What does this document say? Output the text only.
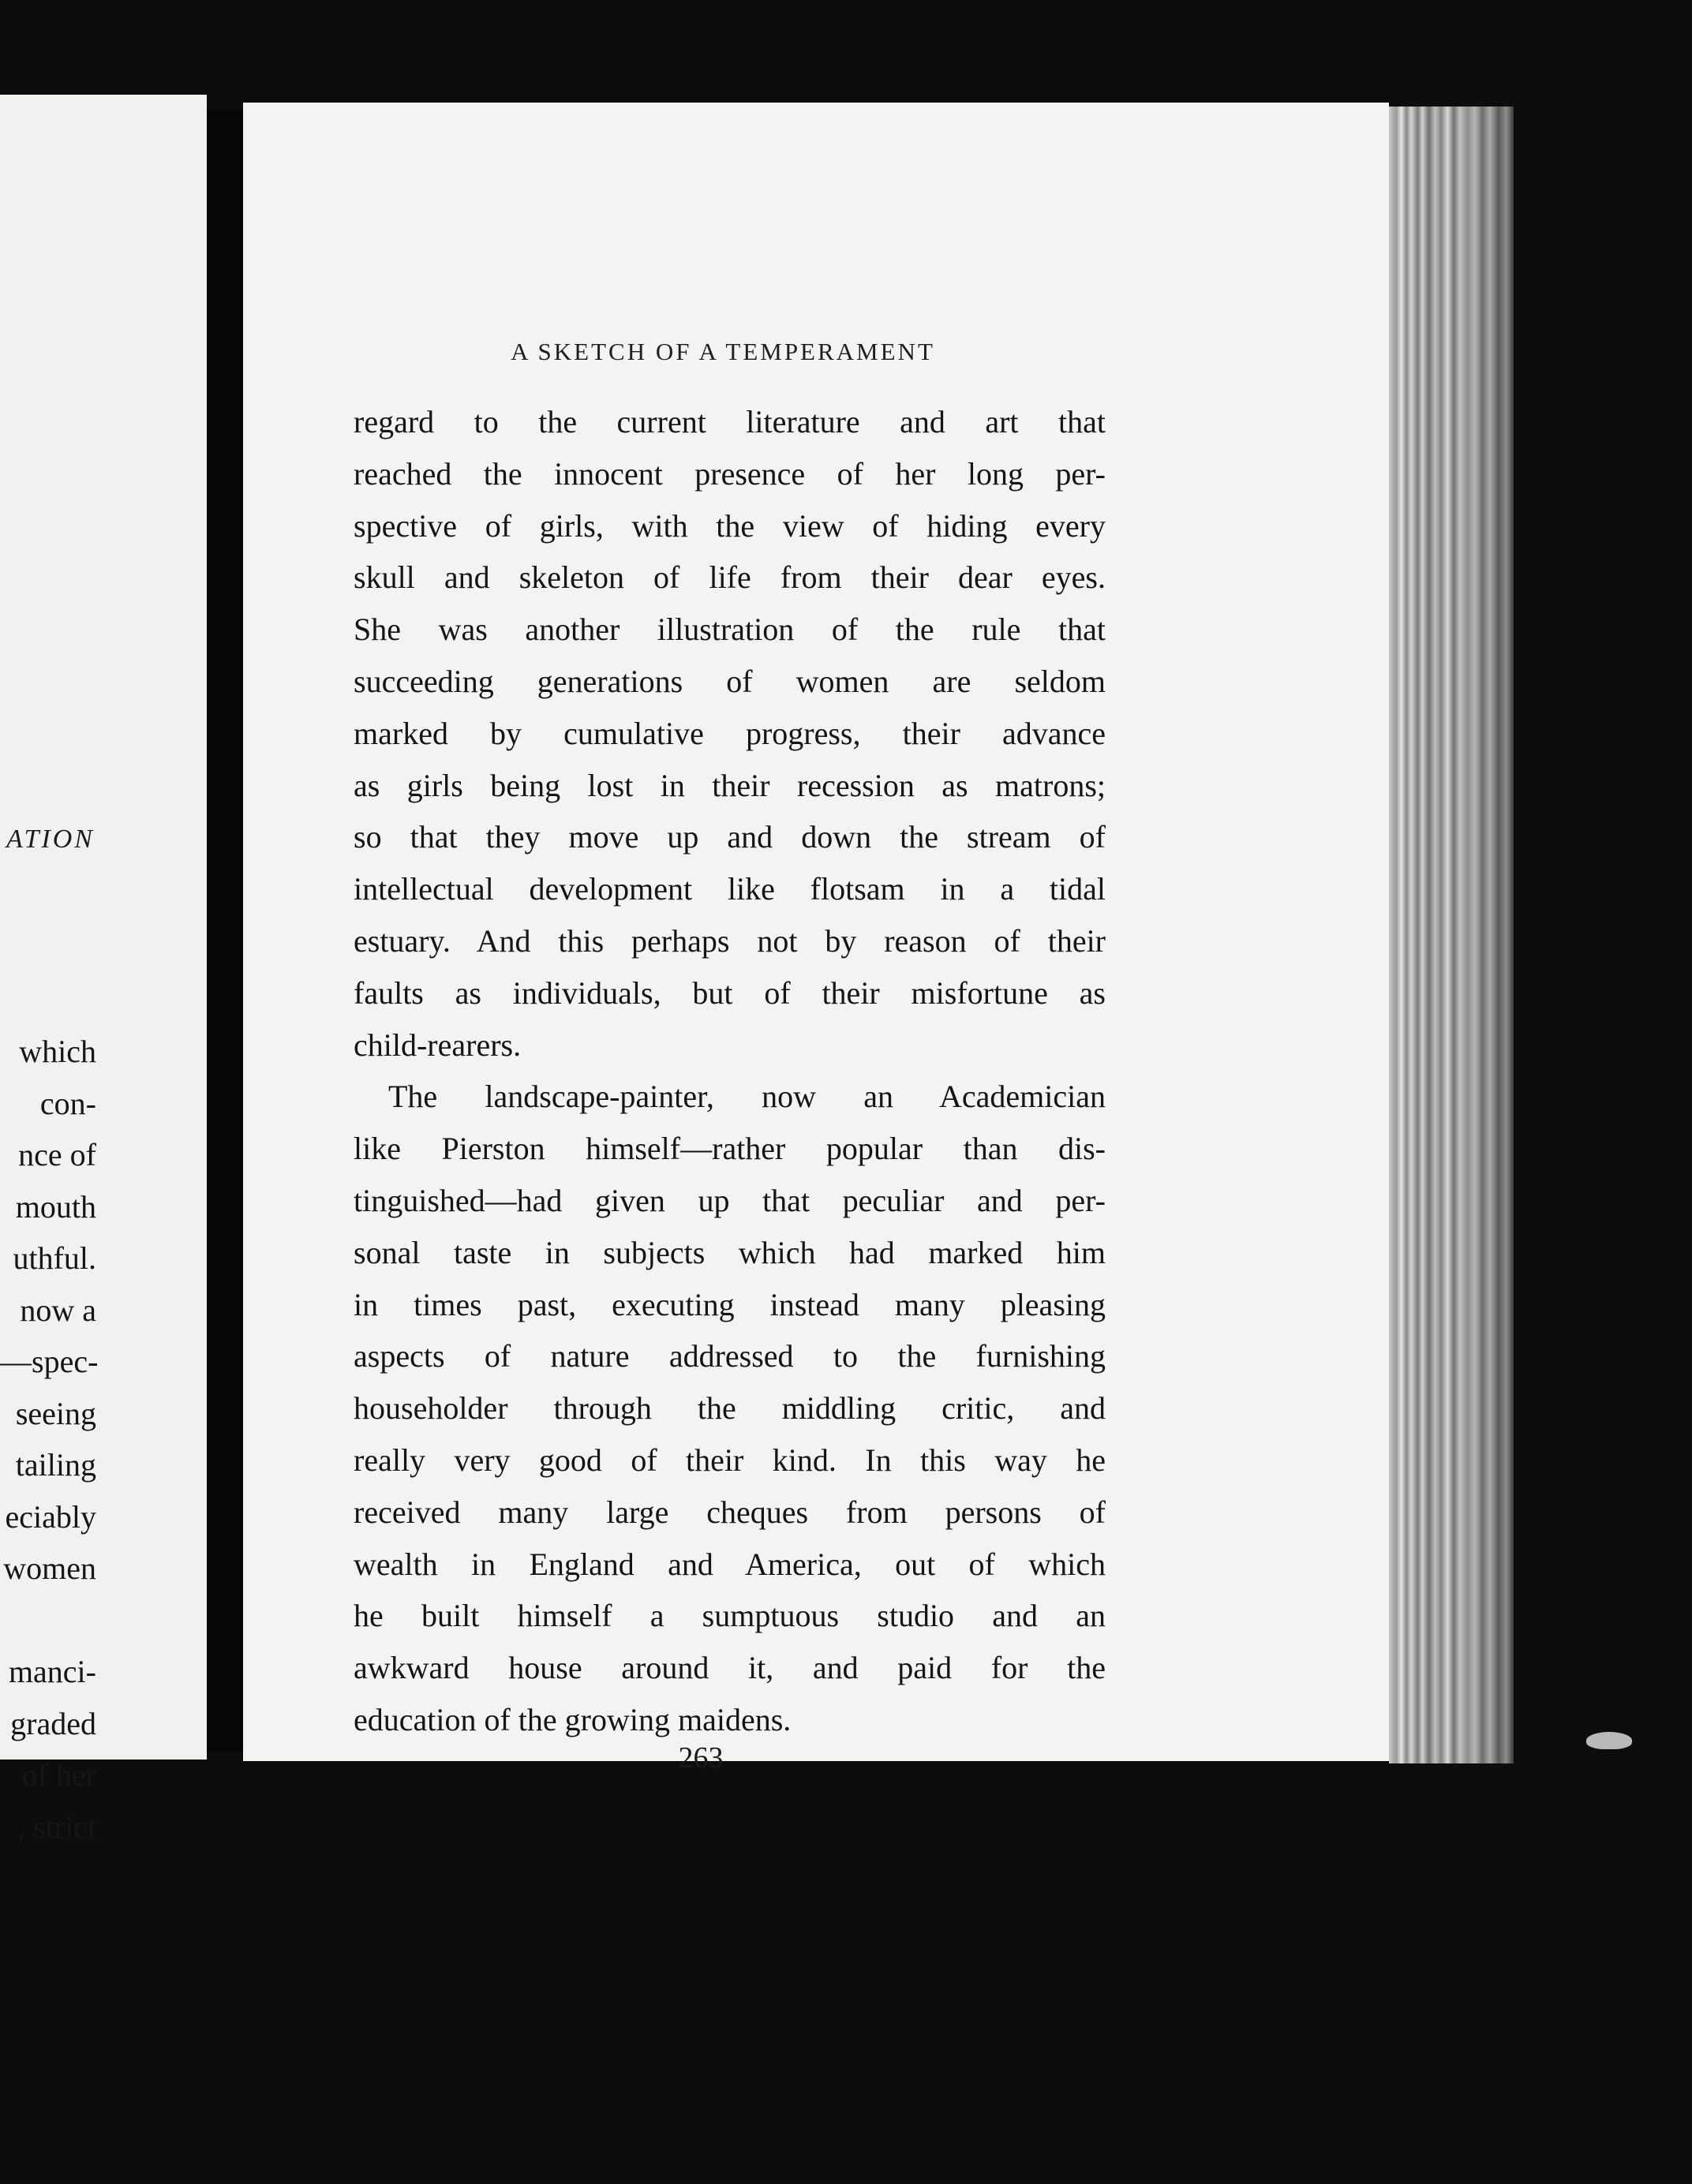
ATION
which
con-
nce of
mouth
uthful.
now a
—spec-
seeing
tailing
eciably
women
manci-
graded
of her
, strict
A SKETCH OF A TEMPERAMENT
regard to the current literature and art that
reached the innocent presence of her long per-
spective of girls, with the view of hiding every
skull and skeleton of life from their dear eyes.
She was another illustration of the rule that
succeeding generations of women are seldom
marked by cumulative progress, their advance
as girls being lost in their recession as matrons;
so that they move up and down the stream of
intellectual development like flotsam in a tidal
estuary. And this perhaps not by reason of their
faults as individuals, but of their misfortune as
child-rearers.
The landscape-painter, now an Academician
like Pierston himself—rather popular than dis-
tinguished—had given up that peculiar and per-
sonal taste in subjects which had marked him
in times past, executing instead many pleasing
aspects of nature addressed to the furnishing
householder through the middling critic, and
really very good of their kind. In this way he
received many large cheques from persons of
wealth in England and America, out of which
he built himself a sumptuous studio and an
awkward house around it, and paid for the
education of the growing maidens.
263
